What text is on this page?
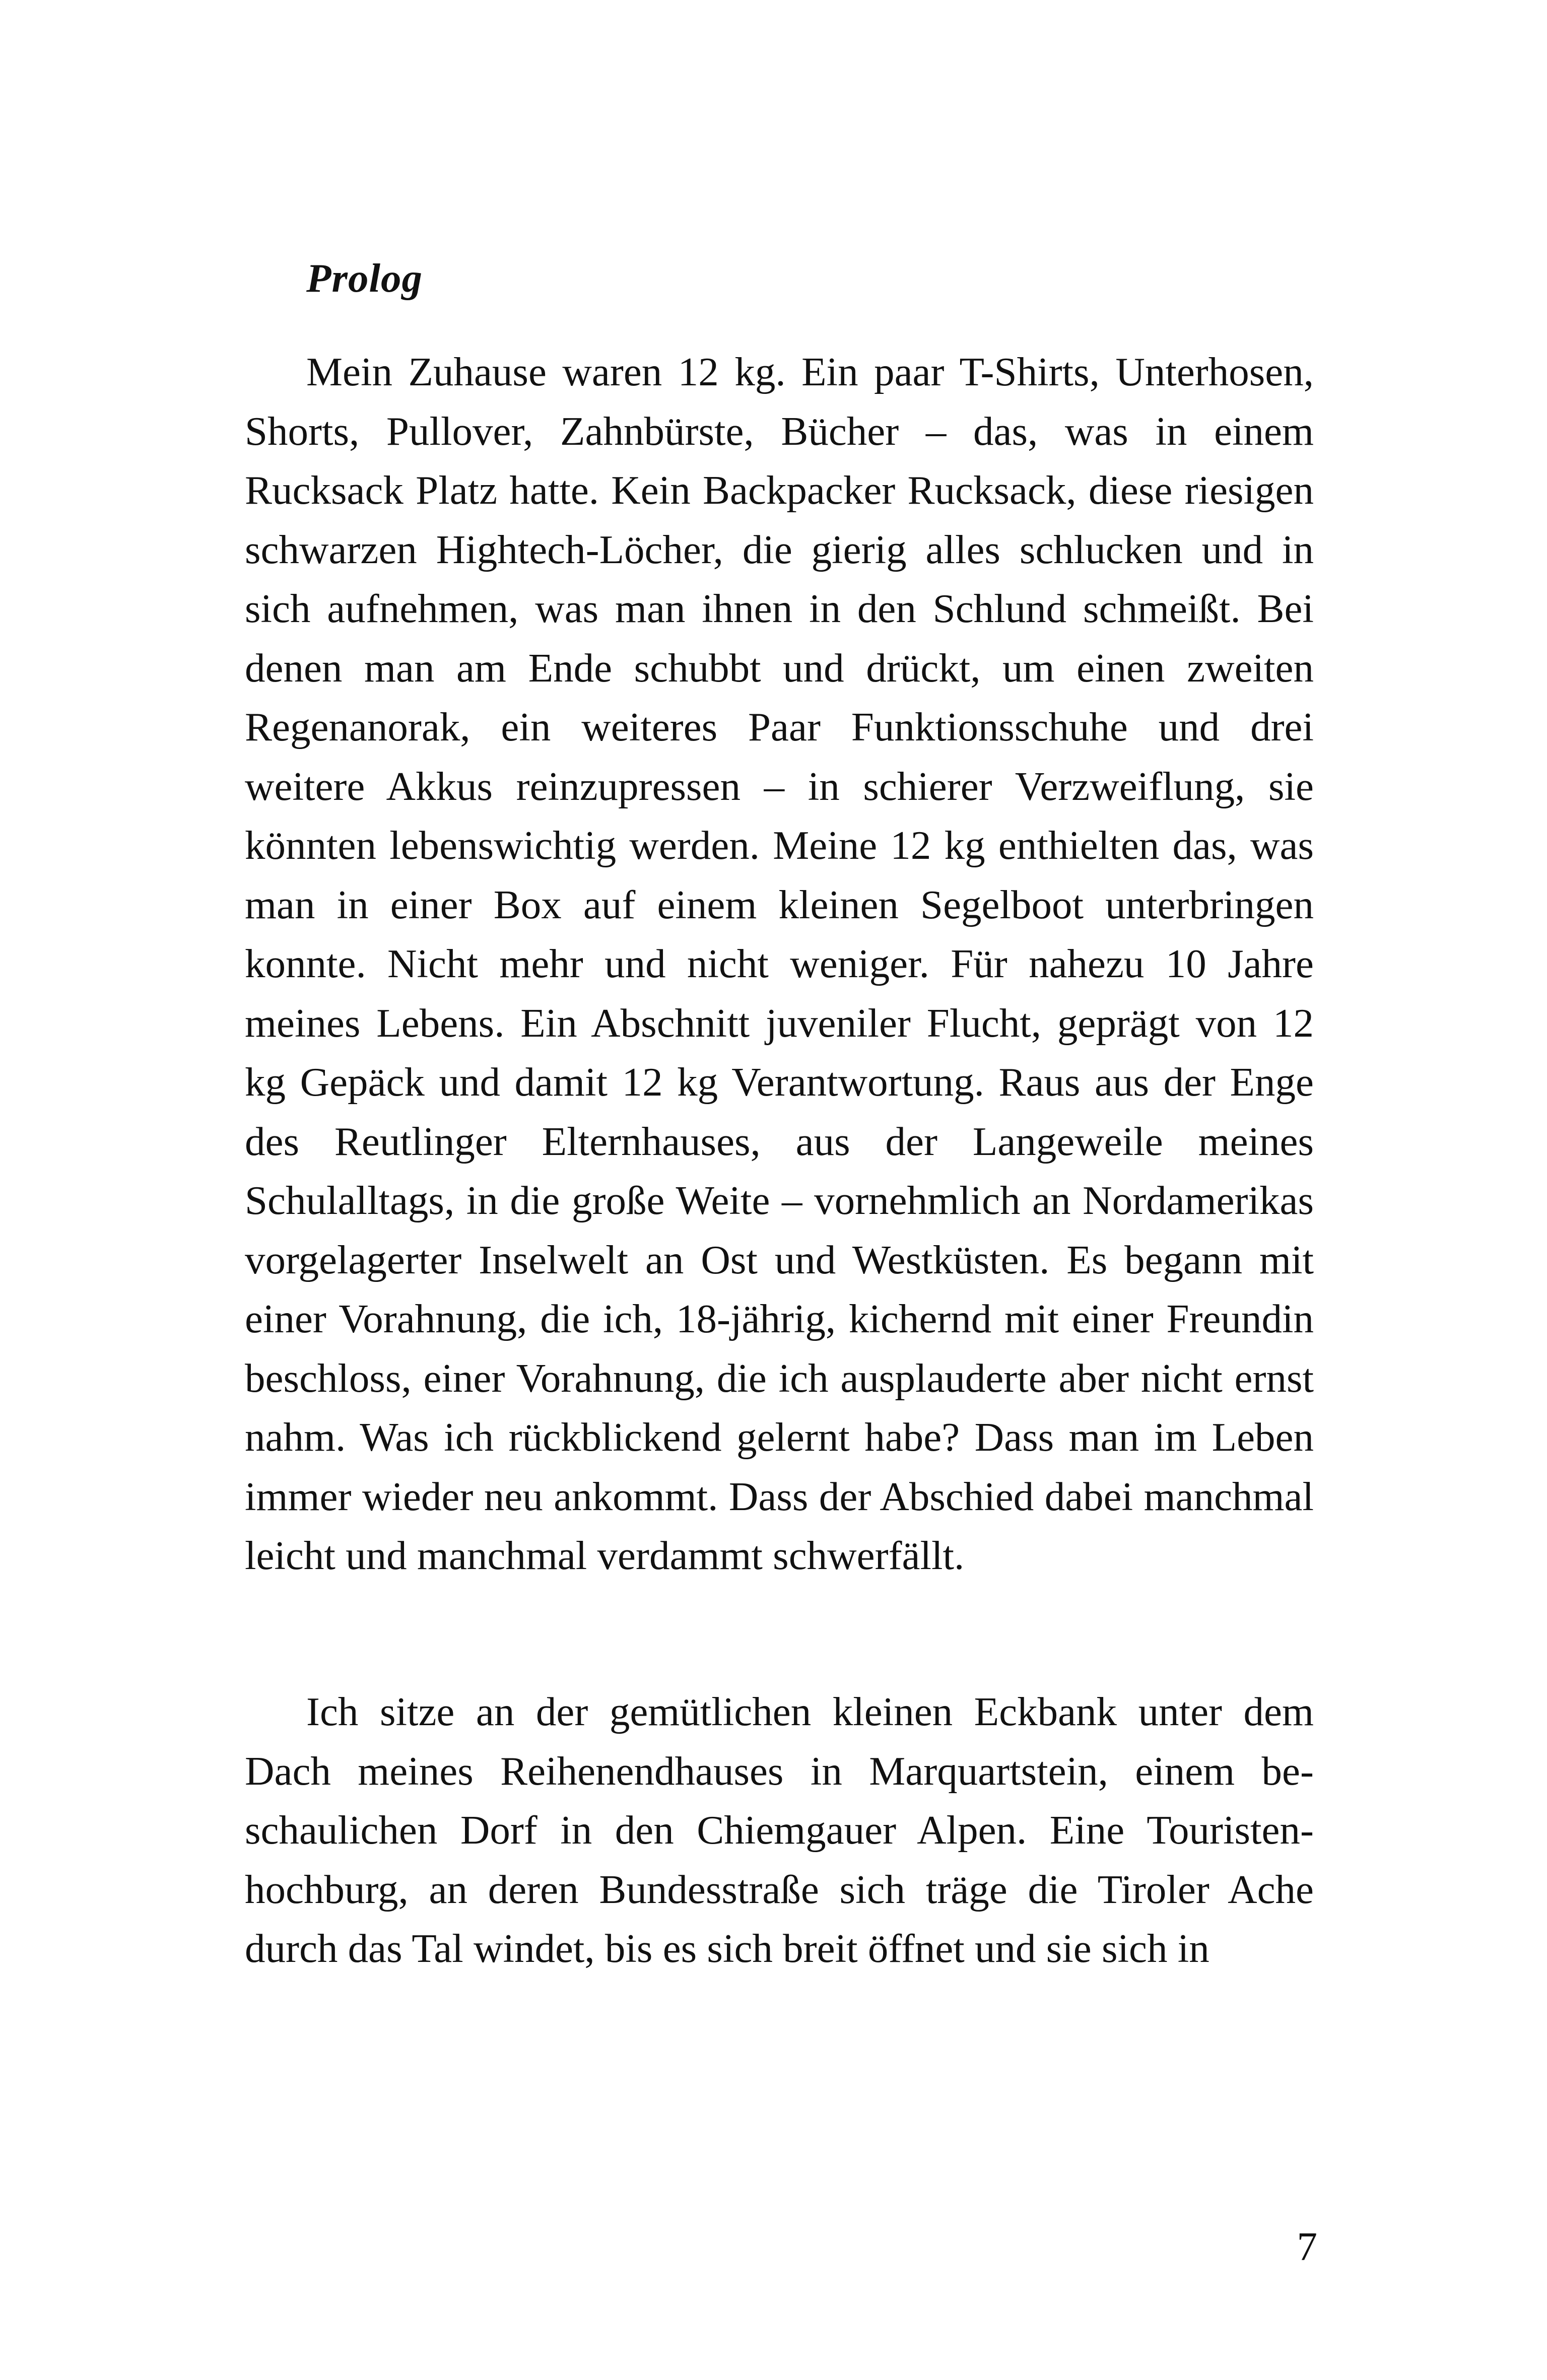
Prolog

Mein Zuhause waren 12 kg. Ein paar T-Shirts, Unterhosen, Shorts, Pullover, Zahnbürste, Bücher – das, was in einem Rucksack Platz hatte. Kein Backpacker Rucksack, diese riesigen schwarzen Hightech-Löcher, die gierig alles schlucken und in sich aufnehmen, was man ihnen in den Schlund schmeißt. Bei denen man am Ende schubbt und drückt, um einen zweiten Regenanorak, ein weiteres Paar Funktionsschuhe und drei weitere Akkus reinzupressen – in schierer Verzweiflung, sie könnten lebenswichtig werden. Meine 12 kg enthielten das, was man in einer Box auf einem kleinen Segelboot unterbringen konnte. Nicht mehr und nicht weniger. Für nahezu 10 Jahre meines Lebens. Ein Abschnitt juveniler Flucht, geprägt von 12 kg Gepäck und damit 12 kg Verantwortung. Raus aus der Enge des Reutlinger Elternhauses, aus der Langeweile meines Schulalltags, in die große Weite – vornehmlich an Nordamerikas vorgelagerter Inselwelt an Ost und Westküsten. Es begann mit einer Vorahnung, die ich, 18-jährig, kichernd mit einer Freundin beschloss, einer Vorahnung, die ich ausplauderte aber nicht ernst nahm. Was ich rückblickend gelernt habe? Dass man im Leben immer wieder neu ankommt. Dass der Abschied dabei manchmal leicht und manchmal verdammt schwerfällt.

Ich sitze an der gemütlichen kleinen Eckbank unter dem Dach meines Reihenendhauses in Marquartstein, einem beschaulichen Dorf in den Chiemgauer Alpen. Eine Touristenhochburg, an deren Bundesstraße sich träge die Tiroler Ache durch das Tal windet, bis es sich breit öffnet und sie sich in

7
